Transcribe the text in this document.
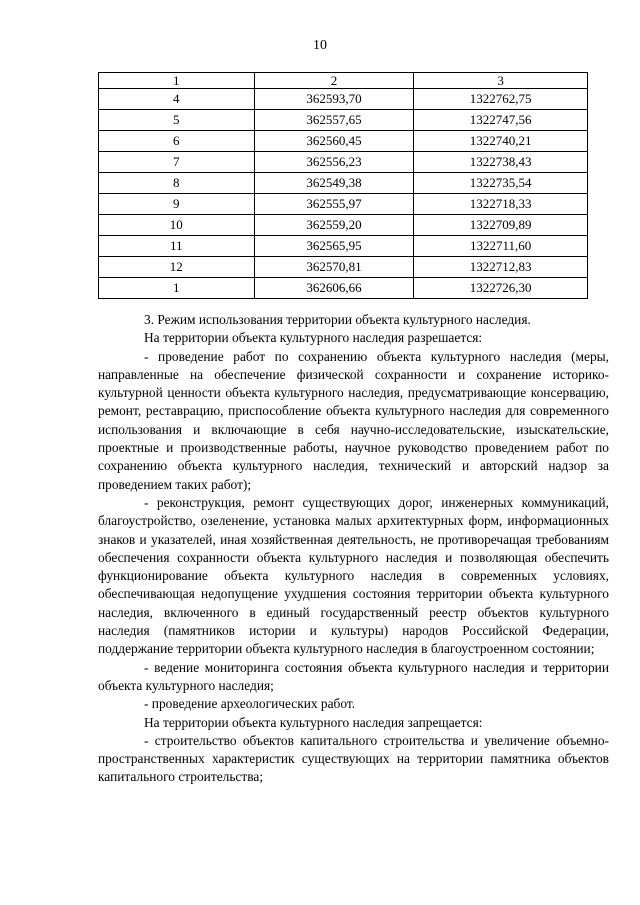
10
1	2	3
4	362593,70	1322762,75
5	362557,65	1322747,56
6	362560,45	1322740,21
7	362556,23	1322738,43
8	362549,38	1322735,54
9	362555,97	1322718,33
10	362559,20	1322709,89
11	362565,95	1322711,60
12	362570,81	1322712,83
1	362606,66	1322726,30

3. Режим использования территории объекта культурного наследия.

На территории объекта культурного наследия разрешается:

- проведение работ по сохранению объекта культурного наследия (меры, направленные на обеспечение физической сохранности и сохранение историко-культурной ценности объекта культурного наследия, предусматривающие консервацию, ремонт, реставрацию, приспособление объекта культурного наследия для современного использования и включающие в себя научно-исследовательские, изыскательские, проектные и производственные работы, научное руководство проведением работ по сохранению объекта культурного наследия, технический и авторский надзор за проведением таких работ);

- реконструкция, ремонт существующих дорог, инженерных коммуникаций, благоустройство, озеленение, установка малых архитектурных форм, информационных знаков и указателей, иная хозяйственная деятельность, не противоречащая требованиям обеспечения сохранности объекта культурного наследия и позволяющая обеспечить функционирование объекта культурного наследия в современных условиях, обеспечивающая недопущение ухудшения состояния территории объекта культурного наследия, включенного в единый государственный реестр объектов культурного наследия (памятников истории и культуры) народов Российской Федерации, поддержание территории объекта культурного наследия в благоустроенном состоянии;

- ведение мониторинга состояния объекта культурного наследия и территории объекта культурного наследия;

- проведение археологических работ.

На территории объекта культурного наследия запрещается:

- строительство объектов капитального строительства и увеличение объемно-пространственных характеристик существующих на территории памятника объектов капитального строительства;
